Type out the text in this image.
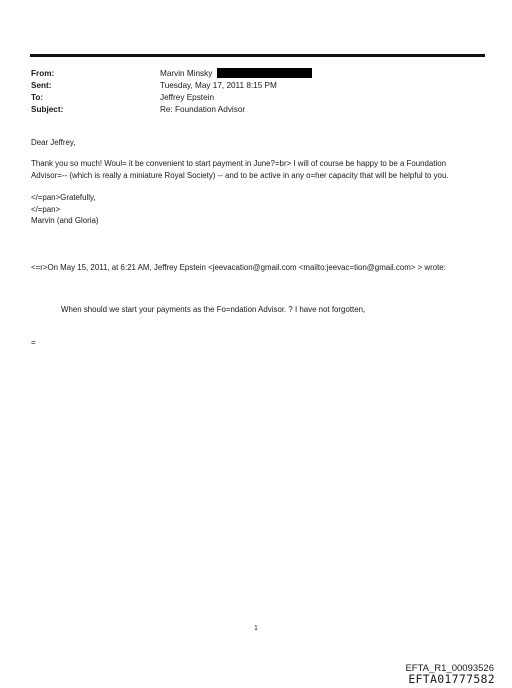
From:	Marvin Minsky
Sent:	Tuesday, May 17, 2011 8:15 PM
To:	Jeffrey Epstein
Subject:	Re: Foundation Advisor
Dear Jeffrey,
Thank you so much! Woul= it be convenient to start payment in June?=br> I will of course be happy to be a Foundation
Advisor=-- (which is really a miniature Royal Society) -- and to be active in any o=her capacity that will be helpful to you.
</=pan>Gratefully,
</=pan>
Marvin (and Gloria)
<=r>On May 15, 2011, at 6:21 AM, Jeffrey Epstein <jeevacation@gmail.com <mailto:jeevac=tion@gmail.com> > wrote:
When should we start your payments as the Fo=ndation Advisor. ? I have not forgotten,
=
1
EFTA_R1_00093526
EFTA01777582
